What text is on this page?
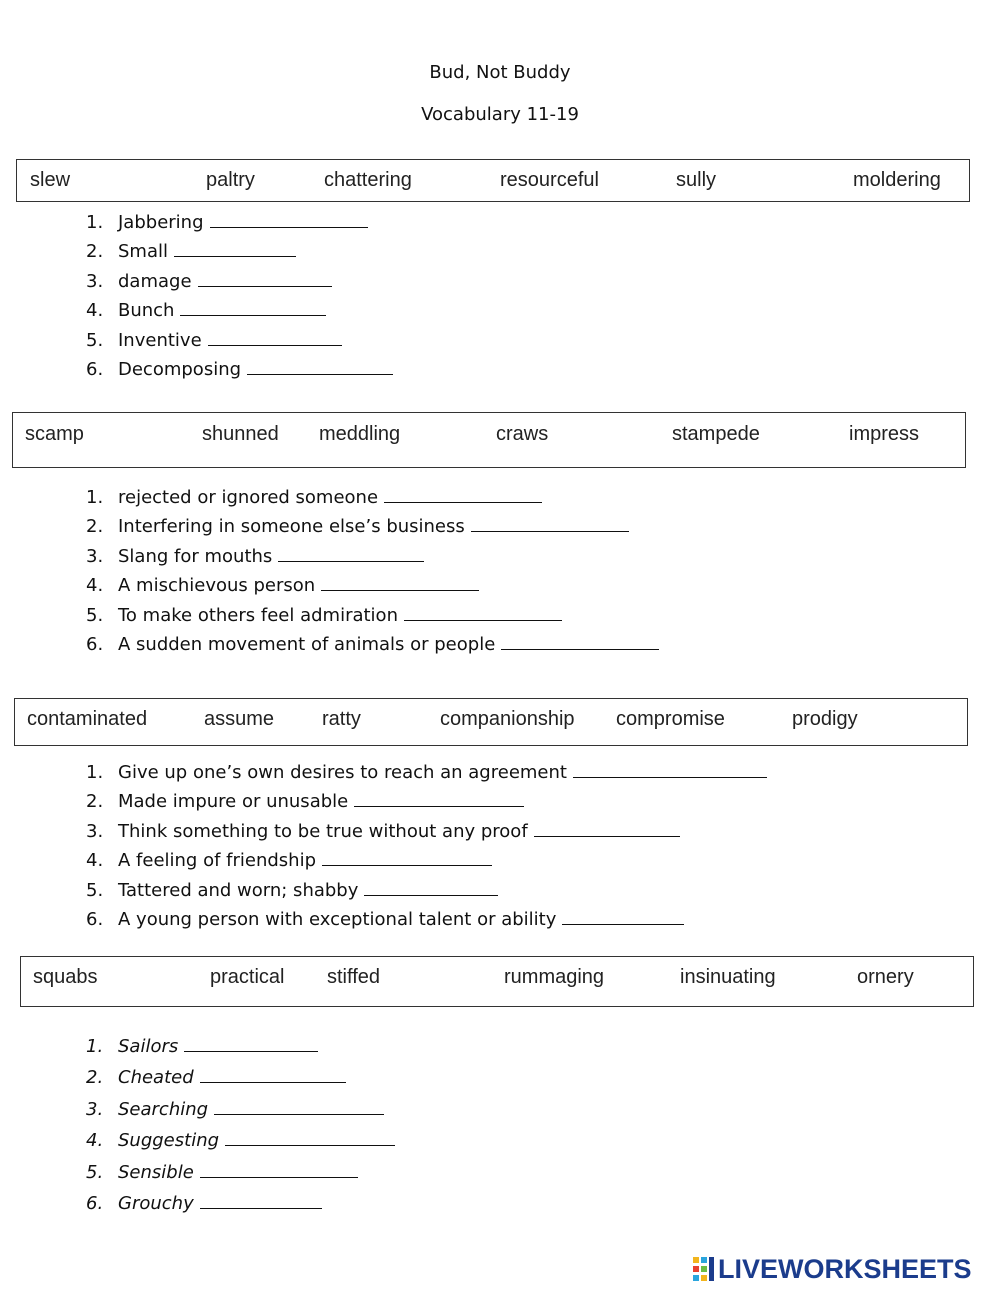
Bud, Not Buddy
Vocabulary 11-19
slew	paltry	chattering	resourceful	sully	moldering
1. Jabbering
2. Small
3. damage
4. Bunch
5. Inventive
6. Decomposing
scamp	shunned meddling	craws	stampede	impress
1. rejected or ignored someone
2. Interfering in someone else’s business
3. Slang for mouths
4. A mischievous person
5. To make others feel admiration
6. A sudden movement of animals or people
contaminated	assume ratty	companionship compromise	prodigy
1. Give up one’s own desires to reach an agreement
2. Made impure or unusable
3. Think something to be true without any proof
4. A feeling of friendship
5. Tattered and worn; shabby
6. A young person with exceptional talent or ability
squabs	practical stiffed	rummaging	insinuating	ornery
1. Sailors
2. Cheated
3. Searching
4. Suggesting
5. Sensible
6. Grouchy
LIVEWORKSHEETS
